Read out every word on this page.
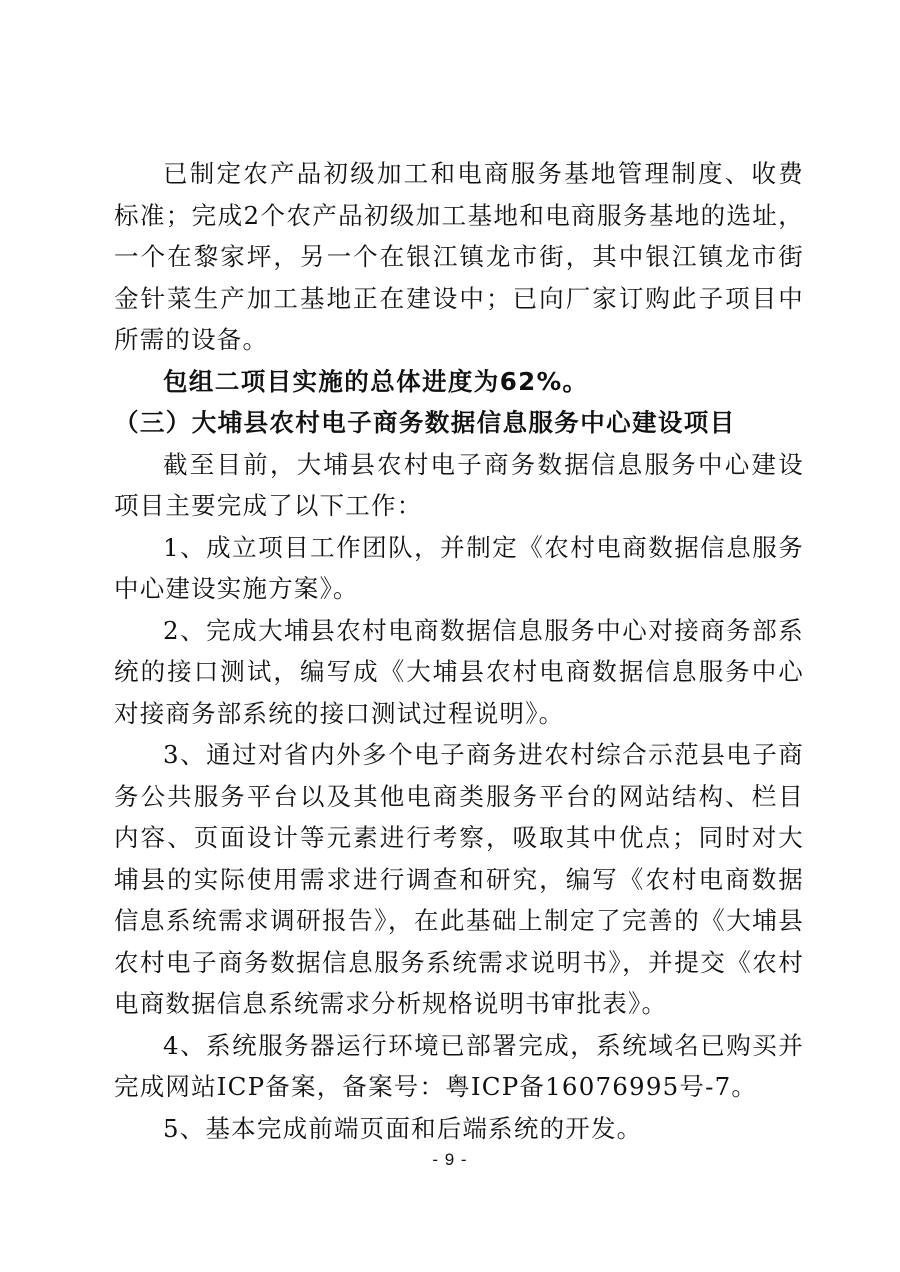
已制定农产品初级加工和电商服务基地管理制度、收费标准；完成2个农产品初级加工基地和电商服务基地的选址，一个在黎家坪，另一个在银江镇龙市街，其中银江镇龙市街金针菜生产加工基地正在建设中；已向厂家订购此子项目中所需的设备。

包组二项目实施的总体进度为62%。

（三）大埔县农村电子商务数据信息服务中心建设项目

截至目前，大埔县农村电子商务数据信息服务中心建设项目主要完成了以下工作：

1、成立项目工作团队，并制定《农村电商数据信息服务中心建设实施方案》。

2、完成大埔县农村电商数据信息服务中心对接商务部系统的接口测试，编写成《大埔县农村电商数据信息服务中心对接商务部系统的接口测试过程说明》。

3、通过对省内外多个电子商务进农村综合示范县电子商务公共服务平台以及其他电商类服务平台的网站结构、栏目内容、页面设计等元素进行考察，吸取其中优点；同时对大埔县的实际使用需求进行调查和研究，编写《农村电商数据信息系统需求调研报告》，在此基础上制定了完善的《大埔县农村电子商务数据信息服务系统需求说明书》，并提交《农村电商数据信息系统需求分析规格说明书审批表》。

4、系统服务器运行环境已部署完成，系统域名已购买并完成网站ICP备案，备案号：粤ICP备16076995号-7。

5、基本完成前端页面和后端系统的开发。

- 9 -
